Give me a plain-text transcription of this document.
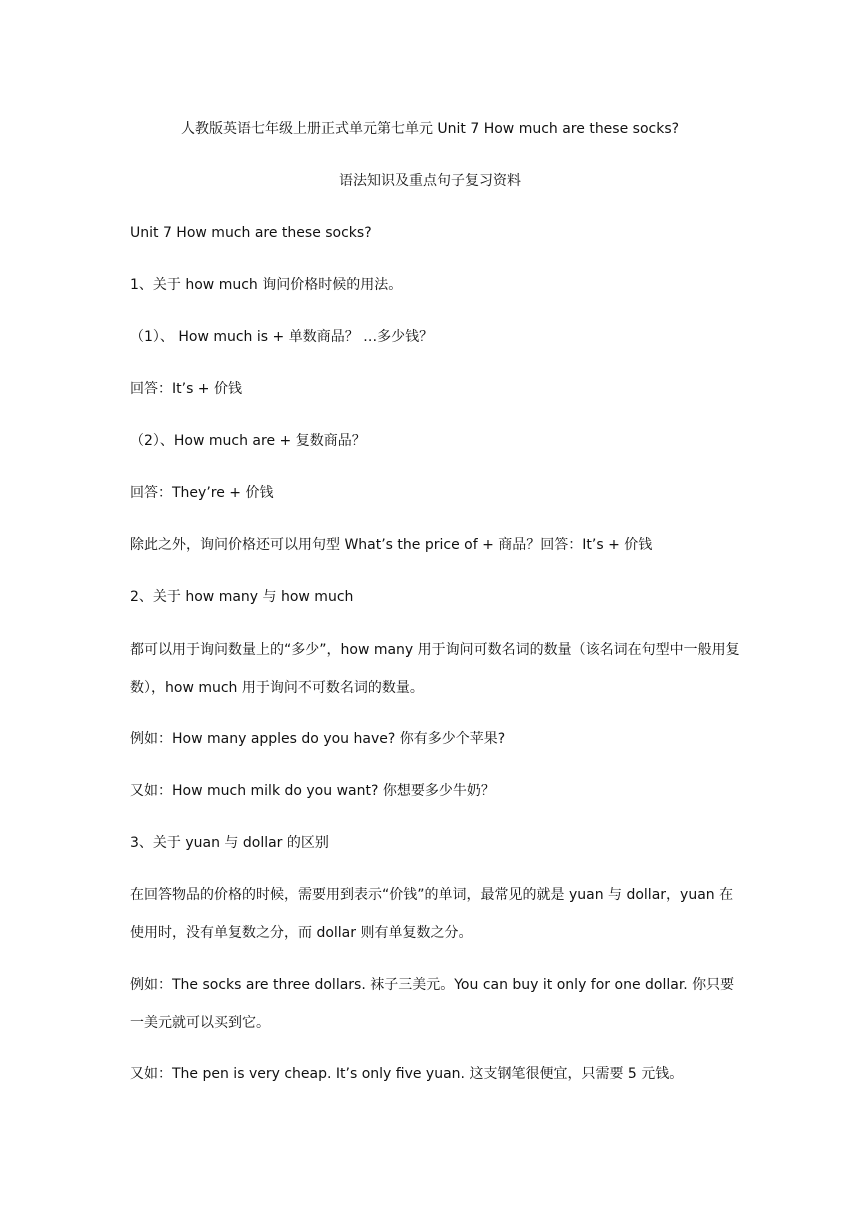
人教版英语七年级上册正式单元第七单元 Unit 7 How much are these socks?
语法知识及重点句子复习资料
Unit 7 How much are these socks?
1、关于 how much 询问价格时候的用法。
（1）、 How much is + 单数商品？ …多少钱？
回答：It’s + 价钱
（2）、How much are + 复数商品？
回答：They’re + 价钱
除此之外，询问价格还可以用句型 What’s the price of + 商品？回答：It’s + 价钱
2、关于 how many 与 how much
都可以用于询问数量上的“多少”，how many 用于询问可数名词的数量（该名词在句型中一般用复数），how much 用于询问不可数名词的数量。
例如：How many apples do you have? 你有多少个苹果?
又如：How much milk do you want? 你想要多少牛奶？
3、关于 yuan 与 dollar 的区别
在回答物品的价格的时候，需要用到表示“价钱”的单词，最常见的就是 yuan 与 dollar，yuan 在使用时，没有单复数之分，而 dollar 则有单复数之分。
例如：The socks are three dollars. 袜子三美元。You can buy it only for one dollar. 你只要一美元就可以买到它。
又如：The pen is very cheap. It’s only five yuan. 这支钢笔很便宜，只需要 5 元钱。
